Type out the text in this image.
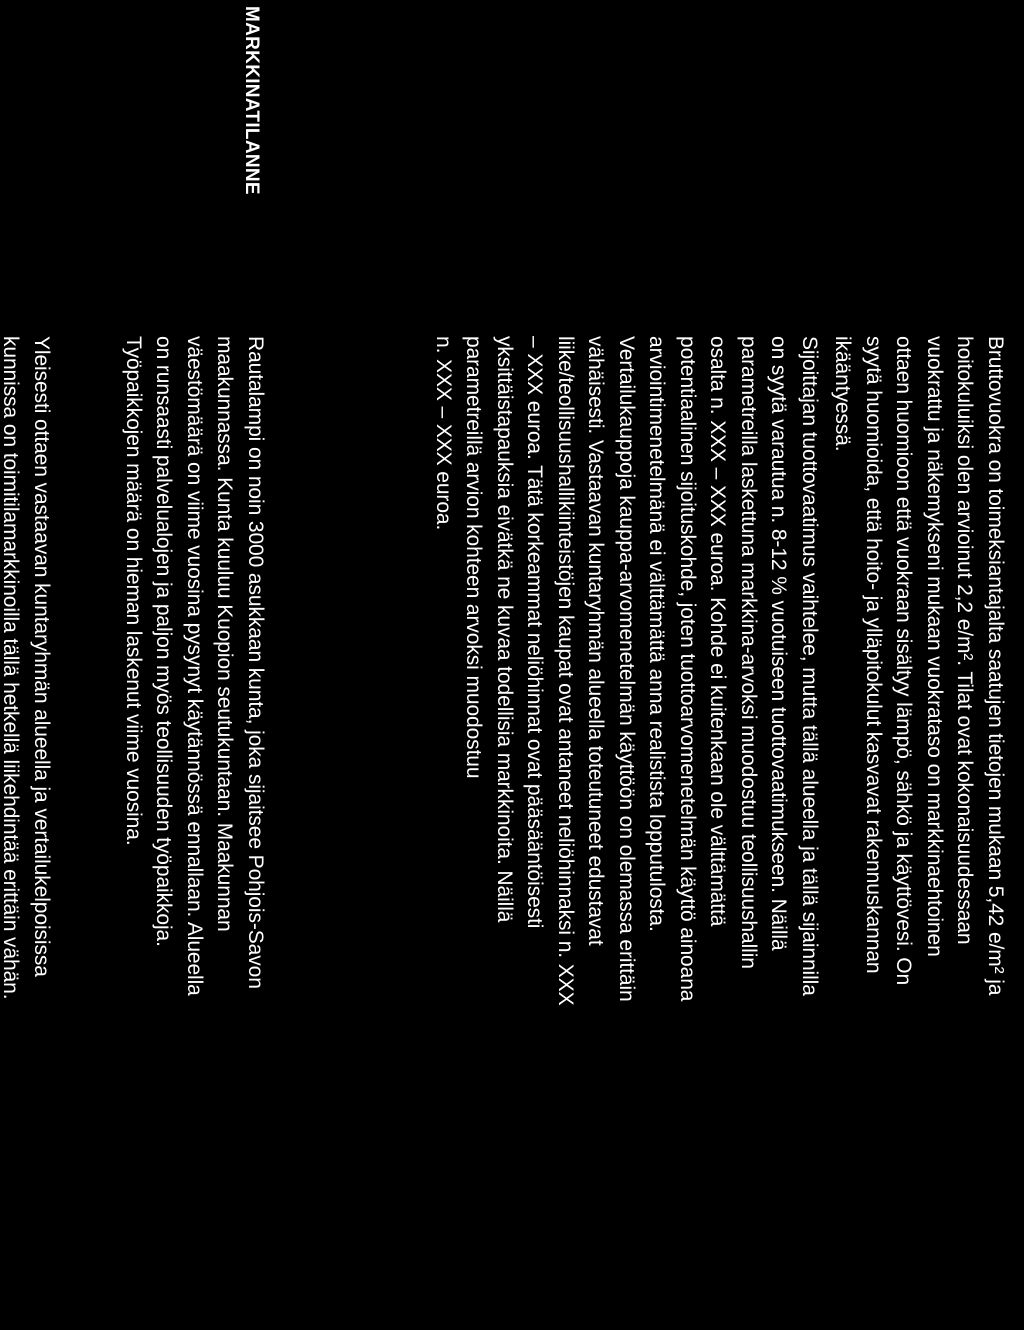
Bruttovuokra on toimeksiantajalta saatujen tietojen mukaan 5,42 e/m² ja
hoitokuluiksi olen arvioinut 2,2 e/m². Tilat ovat kokonaisuudessaan
vuokrattu ja näkemykseni mukaan vuokrataso on markkinaehtoinen
ottaen huomioon että vuokraan sisältyy lämpö, sähkö ja käyttövesi. On
syytä huomioida, että hoito- ja ylläpitokulut kasvavat rakennuskannan
ikääntyessä.

Sijoittajan tuottovaatimus vaihtelee, mutta tällä alueella ja tällä sijainnilla
on syytä varautua n. 8-12 % vuotuiseen tuottovaatimukseen. Näillä
parametreilla laskettuna markkina-arvoksi muodostuu teollisuushallin
osalta n. XXX – XXX euroa. Kohde ei kuitenkaan ole välttämättä
potentiaalinen sijoituskohde, joten tuottoarvomenetelmän käyttö ainoana
arviointimenetelmänä ei välttämättä anna realistista lopputulosta.
Vertailukauppoja kauppa-arvomenetelmän käyttöön on olemassa erittäin
vähäisesti. Vastaavan kuntaryhmän alueella toteutuneet edustavat
liike/teollisuushallikiinteistöjen kaupat ovat antaneet neliöhinnaksi n. XXX
– XXX euroa. Tätä korkeammat neliöhinnat ovat pääsääntöisesti
yksittäistapauksia eivätkä ne kuvaa todellisia markkinoita. Näillä
parametreillä arvion kohteen arvoksi muodostuu
n. XXX – XXX euroa.

MARKKINATILANNE

Rautalampi on noin 3000 asukkaan kunta, joka sijaitsee Pohjois-Savon
maakunnassa. Kunta kuuluu Kuopion seutukuntaan. Maakunnan
väestömäärä on viime vuosina pysynyt käytännössä ennallaan. Alueella
on runsaasti palvelualojen ja paljon myös teollisuuden työpaikkoja.
Työpaikkojen määrä on hieman laskenut viime vuosina.

Yleisesti ottaen vastaavan kuntaryhmän alueella ja vertailukelpoisissa
kunnissa on toimitilamarkkinoilla tällä hetkellä liikehdintää erittäin vähän.
